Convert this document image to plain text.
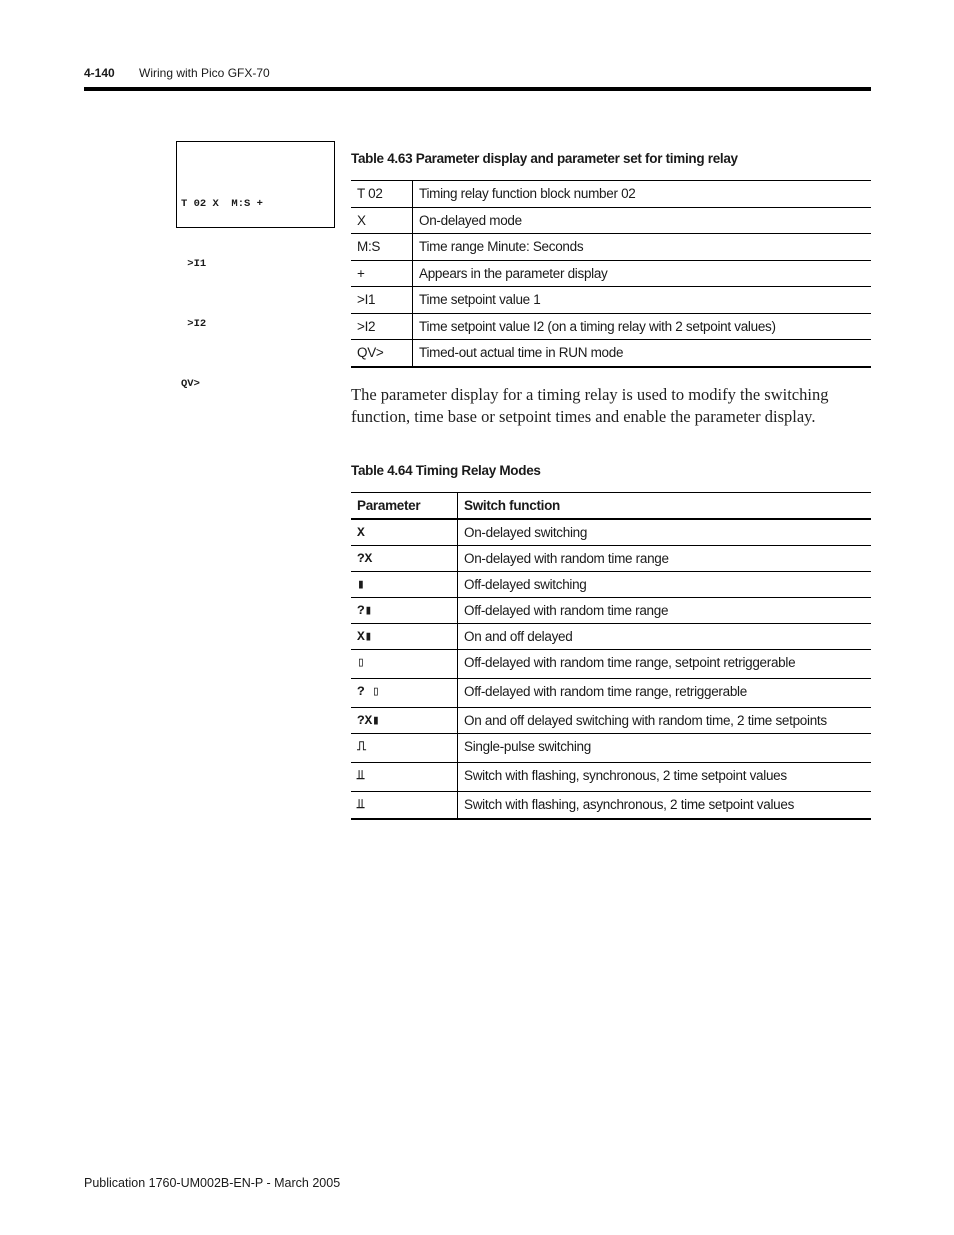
4-140 Wiring with Pico GFX-70

T 02 X  M:S +

>I1

>I2

QV>

Table 4.63 Parameter display and parameter set for timing relay
T 02	Timing relay function block number 02
X	On-delayed mode
M:S	Time range Minute: Seconds
+	Appears in the parameter display
>I1	Time setpoint value 1
>I2	Time setpoint value I2 (on a timing relay with 2 setpoint values)
QV>	Timed-out actual time in RUN mode
The parameter display for a timing relay is used to modify the switching function, time base or setpoint times and enable the parameter display.
Table 4.64 Timing Relay Modes
Parameter	Switch function
X	On-delayed switching
?X	On-delayed with random time range
▮	Off-delayed switching
?▮	Off-delayed with random time range
X▮	On and off delayed
▯	Off-delayed with random time range, setpoint retriggerable
? ▯	Off-delayed with random time range, retriggerable
?X▮	On and off delayed switching with random time, 2 time setpoints
⎍	Single-pulse switching
⫫	Switch with flashing, synchronous, 2 time setpoint values
⫫	Switch with flashing, asynchronous, 2 time setpoint values
Publication 1760-UM002B-EN-P - March 2005
